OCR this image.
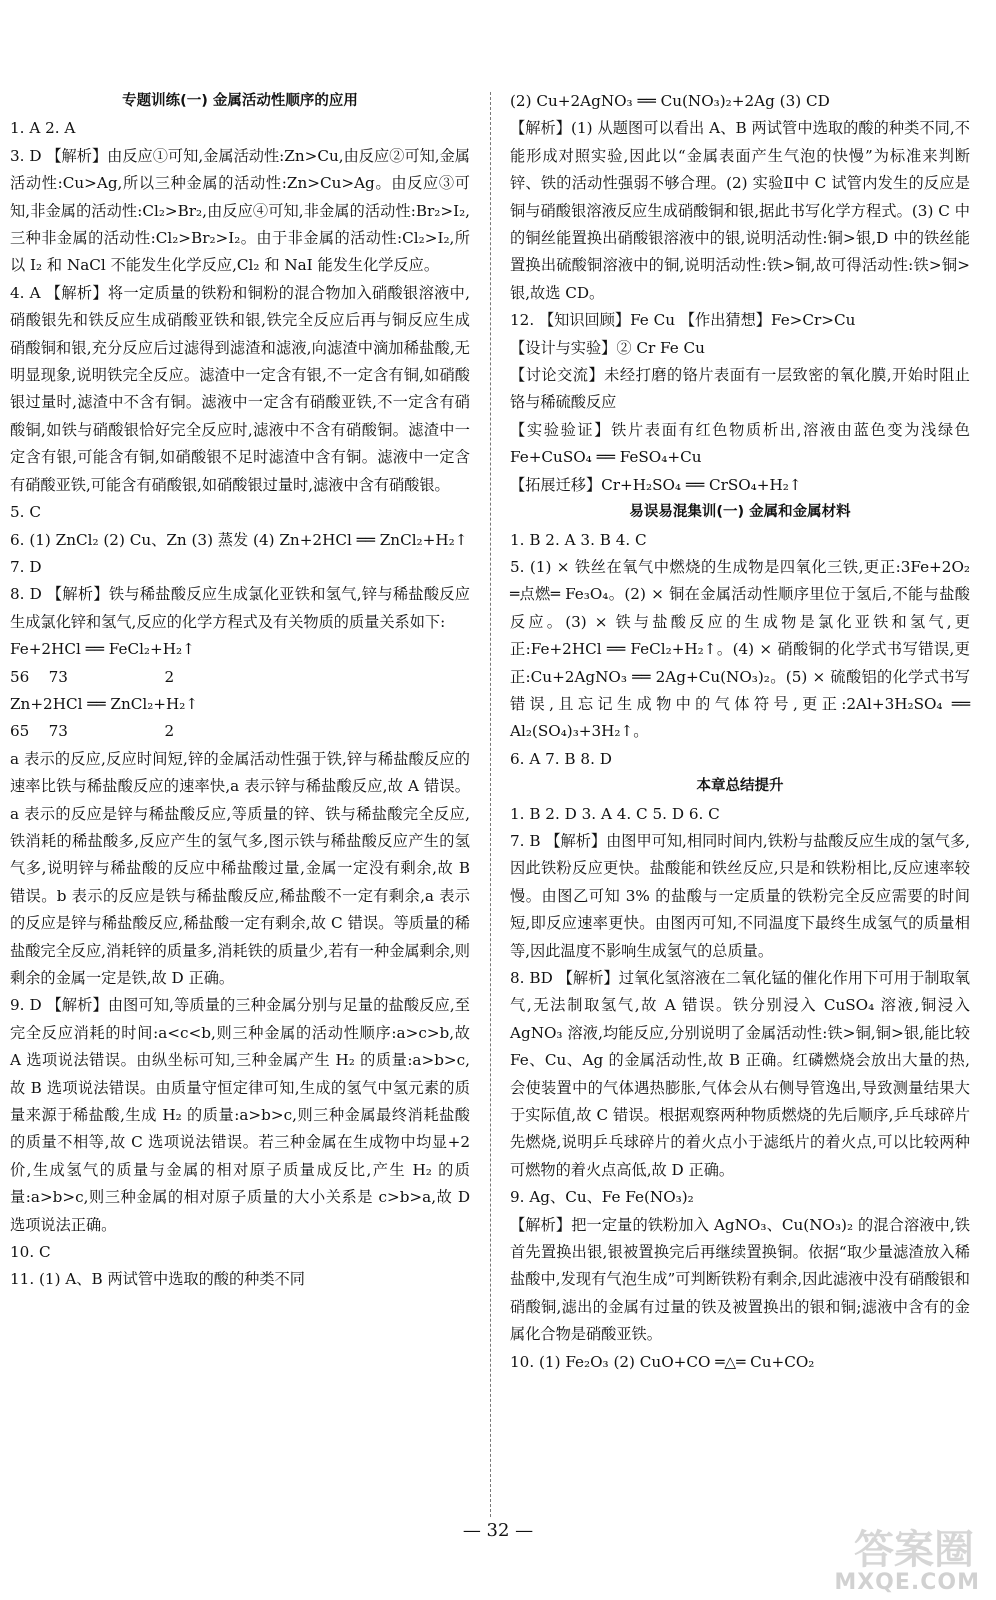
专题训练(一) 金属活动性顺序的应用
1. A 2. A
3. D 【解析】由反应①可知,金属活动性:Zn>Cu,由反应②可知,金属活动性:Cu>Ag,所以三种金属的活动性:Zn>Cu>Ag。由反应③可知,非金属的活动性:Cl₂>Br₂,由反应④可知,非金属的活动性:Br₂>I₂,三种非金属的活动性:Cl₂>Br₂>I₂。由于非金属的活动性:Cl₂>I₂,所以 I₂ 和 NaCl 不能发生化学反应,Cl₂ 和 NaI 能发生化学反应。
4. A 【解析】将一定质量的铁粉和铜粉的混合物加入硝酸银溶液中,硝酸银先和铁反应生成硝酸亚铁和银,铁完全反应后再与铜反应生成硝酸铜和银,充分反应后过滤得到滤渣和滤液,向滤渣中滴加稀盐酸,无明显现象,说明铁完全反应。滤渣中一定含有银,不一定含有铜,如硝酸银过量时,滤渣中不含有铜。滤液中一定含有硝酸亚铁,不一定含有硝酸铜,如铁与硝酸银恰好完全反应时,滤液中不含有硝酸铜。滤渣中一定含有银,可能含有铜,如硝酸银不足时滤渣中含有铜。滤液中一定含有硝酸亚铁,可能含有硝酸银,如硝酸银过量时,滤液中含有硝酸银。
5. C
6. (1) ZnCl₂ (2) Cu、Zn (3) 蒸发 (4) Zn+2HCl ══ ZnCl₂+H₂↑
7. D
8. D 【解析】铁与稀盐酸反应生成氯化亚铁和氢气,锌与稀盐酸反应生成氯化锌和氢气,反应的化学方程式及有关物质的质量关系如下:
Fe+2HCl ══ FeCl₂+H₂↑
56    73                    2
Zn+2HCl ══ ZnCl₂+H₂↑
65    73                    2
a 表示的反应,反应时间短,锌的金属活动性强于铁,锌与稀盐酸反应的速率比铁与稀盐酸反应的速率快,a 表示锌与稀盐酸反应,故 A 错误。a 表示的反应是锌与稀盐酸反应,等质量的锌、铁与稀盐酸完全反应,铁消耗的稀盐酸多,反应产生的氢气多,图示铁与稀盐酸反应产生的氢气多,说明锌与稀盐酸的反应中稀盐酸过量,金属一定没有剩余,故 B 错误。b 表示的反应是铁与稀盐酸反应,稀盐酸不一定有剩余,a 表示的反应是锌与稀盐酸反应,稀盐酸一定有剩余,故 C 错误。等质量的稀盐酸完全反应,消耗锌的质量多,消耗铁的质量少,若有一种金属剩余,则剩余的金属一定是铁,故 D 正确。
9. D 【解析】由图可知,等质量的三种金属分别与足量的盐酸反应,至完全反应消耗的时间:a<c<b,则三种金属的活动性顺序:a>c>b,故 A 选项说法错误。由纵坐标可知,三种金属产生 H₂ 的质量:a>b>c,故 B 选项说法错误。由质量守恒定律可知,生成的氢气中氢元素的质量来源于稀盐酸,生成 H₂ 的质量:a>b>c,则三种金属最终消耗盐酸的质量不相等,故 C 选项说法错误。若三种金属在生成物中均显+2 价,生成氢气的质量与金属的相对原子质量成反比,产生 H₂ 的质量:a>b>c,则三种金属的相对原子质量的大小关系是 c>b>a,故 D 选项说法正确。
10. C
11. (1) A、B 两试管中选取的酸的种类不同
(2) Cu+2AgNO₃ ══ Cu(NO₃)₂+2Ag (3) CD
【解析】(1) 从题图可以看出 A、B 两试管中选取的酸的种类不同,不能形成对照实验,因此以“金属表面产生气泡的快慢”为标准来判断锌、铁的活动性强弱不够合理。(2) 实验Ⅱ中 C 试管内发生的反应是铜与硝酸银溶液反应生成硝酸铜和银,据此书写化学方程式。(3) C 中的铜丝能置换出硝酸银溶液中的银,说明活动性:铜>银,D 中的铁丝能置换出硫酸铜溶液中的铜,说明活动性:铁>铜,故可得活动性:铁>铜>银,故选 CD。
12. 【知识回顾】Fe Cu 【作出猜想】Fe>Cr>Cu
【设计与实验】② Cr Fe Cu
【讨论交流】未经打磨的铬片表面有一层致密的氧化膜,开始时阻止铬与稀硫酸反应
【实验验证】铁片表面有红色物质析出,溶液由蓝色变为浅绿色 Fe+CuSO₄ ══ FeSO₄+Cu
【拓展迁移】Cr+H₂SO₄ ══ CrSO₄+H₂↑
易误易混集训(一) 金属和金属材料
1. B 2. A 3. B 4. C
5. (1) × 铁丝在氧气中燃烧的生成物是四氧化三铁,更正:3Fe+2O₂ ═点燃═ Fe₃O₄。(2) × 铜在金属活动性顺序里位于氢后,不能与盐酸反应。(3) × 铁与盐酸反应的生成物是氯化亚铁和氢气,更正:Fe+2HCl ══ FeCl₂+H₂↑。(4) × 硝酸铜的化学式书写错误,更正:Cu+2AgNO₃ ══ 2Ag+Cu(NO₃)₂。(5) × 硫酸铝的化学式书写错误,且忘记生成物中的气体符号,更正:2Al+3H₂SO₄ ══ Al₂(SO₄)₃+3H₂↑。
6. A 7. B 8. D
本章总结提升
1. B 2. D 3. A 4. C 5. D 6. C
7. B 【解析】由图甲可知,相同时间内,铁粉与盐酸反应生成的氢气多,因此铁粉反应更快。盐酸能和铁丝反应,只是和铁粉相比,反应速率较慢。由图乙可知 3% 的盐酸与一定质量的铁粉完全反应需要的时间短,即反应速率更快。由图丙可知,不同温度下最终生成氢气的质量相等,因此温度不影响生成氢气的总质量。
8. BD 【解析】过氧化氢溶液在二氧化锰的催化作用下可用于制取氧气,无法制取氢气,故 A 错误。铁分别浸入 CuSO₄ 溶液,铜浸入 AgNO₃ 溶液,均能反应,分别说明了金属活动性:铁>铜,铜>银,能比较 Fe、Cu、Ag 的金属活动性,故 B 正确。红磷燃烧会放出大量的热,会使装置中的气体遇热膨胀,气体会从右侧导管逸出,导致测量结果大于实际值,故 C 错误。根据观察两种物质燃烧的先后顺序,乒乓球碎片先燃烧,说明乒乓球碎片的着火点小于滤纸片的着火点,可以比较两种可燃物的着火点高低,故 D 正确。
9. Ag、Cu、Fe Fe(NO₃)₂
【解析】把一定量的铁粉加入 AgNO₃、Cu(NO₃)₂ 的混合溶液中,铁首先置换出银,银被置换完后再继续置换铜。依据“取少量滤渣放入稀盐酸中,发现有气泡生成”可判断铁粉有剩余,因此滤液中没有硝酸银和硝酸铜,滤出的金属有过量的铁及被置换出的银和铜;滤液中含有的金属化合物是硝酸亚铁。
10. (1) Fe₂O₃ (2) CuO+CO ═△═ Cu+CO₂
— 32 —	答案圈
MXQE.COM
